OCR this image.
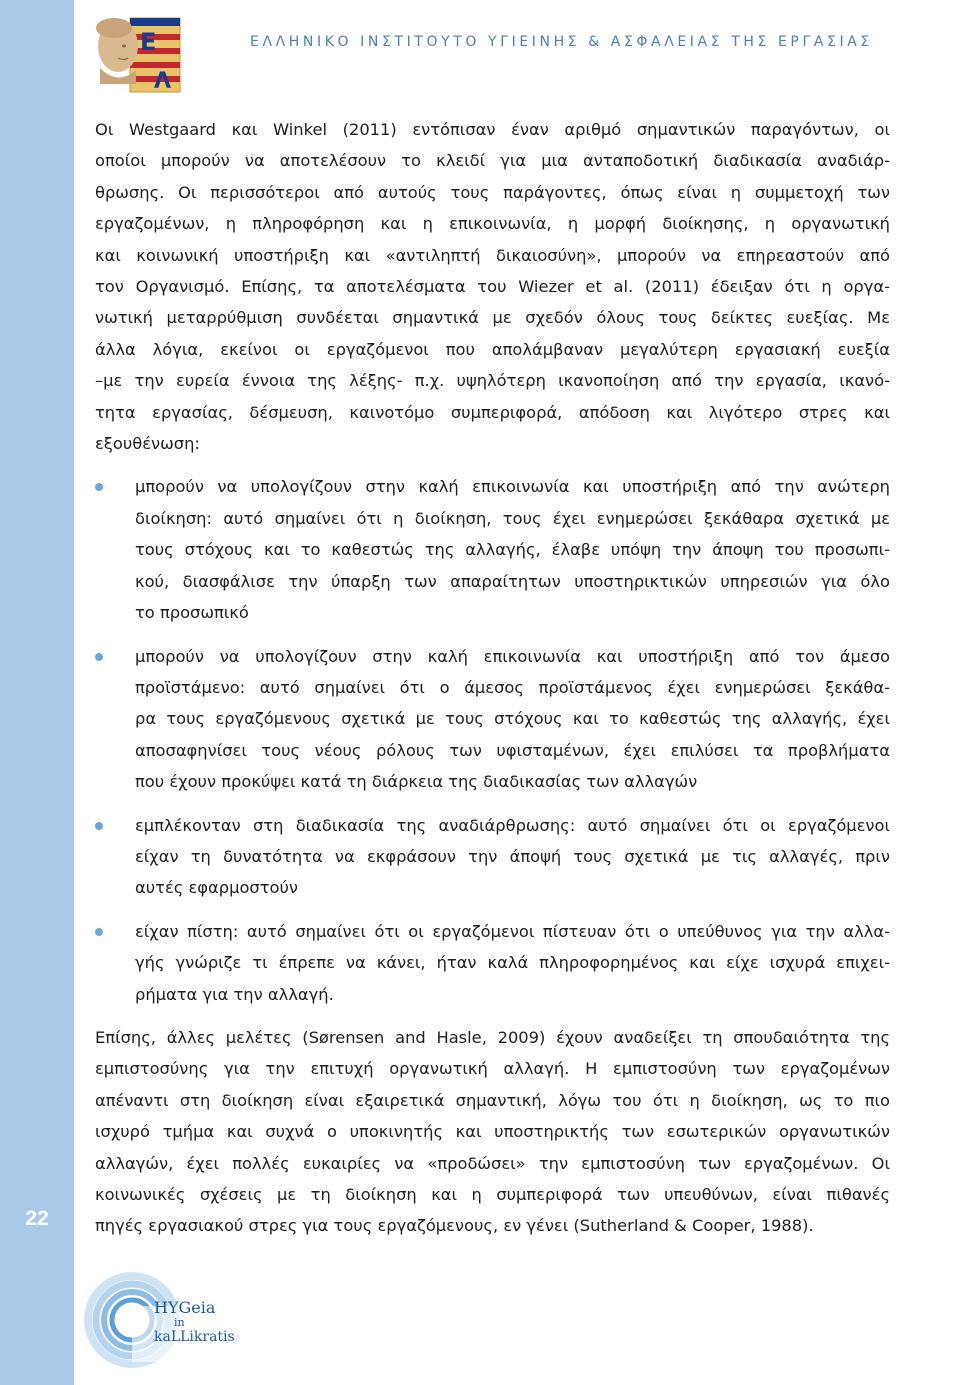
22
E
Λ
ΕΛΛΗΝΙΚΟ ΙΝΣΤΙΤΟΥΤΟ ΥΓΙΕΙΝΗΣ & ΑΣΦΑΛΕΙΑΣ ΤΗΣ ΕΡΓΑΣΙΑΣ

Οι Westgaard και Winkel (2011) εντόπισαν έναν αριθμό σημαντικών παραγόντων, οι
οποίοι μπορούν να αποτελέσουν το κλειδί για μια ανταποδοτική διαδικασία αναδιάρ-
θρωσης. Οι περισσότεροι από αυτούς τους παράγοντες, όπως είναι η συμμετοχή των
εργαζομένων, η πληροφόρηση και η επικοινωνία, η μορφή διοίκησης, η οργανωτική
και κοινωνική υποστήριξη και «αντιληπτή δικαιοσύνη», μπορούν να επηρεαστούν από
τον Οργανισμό. Επίσης, τα αποτελέσματα του Wiezer et al. (2011) έδειξαν ότι η οργα-
νωτική μεταρρύθμιση συνδέεται σημαντικά με σχεδόν όλους τους δείκτες ευεξίας. Με
άλλα λόγια, εκείνοι οι εργαζόμενοι που απολάμβαναν μεγαλύτερη εργασιακή ευεξία
–με την ευρεία έννοια της λέξης- π.χ. υψηλότερη ικανοποίηση από την εργασία, ικανό-
τητα εργασίας, δέσμευση, καινοτόμο συμπεριφορά, απόδοση και λιγότερο στρες και
εξουθένωση:

μπορούν να υπολογίζουν στην καλή επικοινωνία και υποστήριξη από την ανώτερη
διοίκηση: αυτό σημαίνει ότι η διοίκηση, τους έχει ενημερώσει ξεκάθαρα σχετικά με
τους στόχους και το καθεστώς της αλλαγής, έλαβε υπόψη την άποψη του προσωπι-
κού, διασφάλισε την ύπαρξη των απαραίτητων υποστηρικτικών υπηρεσιών για όλο
το προσωπικό
μπορούν να υπολογίζουν στην καλή επικοινωνία και υποστήριξη από τον άμεσο
προϊστάμενο: αυτό σημαίνει ότι ο άμεσος προϊστάμενος έχει ενημερώσει ξεκάθα-
ρα τους εργαζόμενους σχετικά με τους στόχους και το καθεστώς της αλλαγής, έχει
αποσαφηνίσει τους νέους ρόλους των υφισταμένων, έχει επιλύσει τα προβλήματα
που έχουν προκύψει κατά τη διάρκεια της διαδικασίας των αλλαγών
εμπλέκονταν στη διαδικασία της αναδιάρθρωσης: αυτό σημαίνει ότι οι εργαζόμενοι
είχαν τη δυνατότητα να εκφράσουν την άποψή τους σχετικά με τις αλλαγές, πριν
αυτές εφαρμοστούν
είχαν πίστη: αυτό σημαίνει ότι οι εργαζόμενοι πίστευαν ότι ο υπεύθυνος για την αλλα-
γής γνώριζε τι έπρεπε να κάνει, ήταν καλά πληροφορημένος και είχε ισχυρά επιχει-
ρήματα για την αλλαγή.

Επίσης, άλλες μελέτες (Sørensen and Hasle, 2009) έχουν αναδείξει τη σπουδαιότητα της
εμπιστοσύνης για την επιτυχή οργανωτική αλλαγή. Η εμπιστοσύνη των εργαζομένων
απέναντι στη διοίκηση είναι εξαιρετικά σημαντική, λόγω του ότι η διοίκηση, ως το πιο
ισχυρό τμήμα και συχνά ο υποκινητής και υποστηρικτής των εσωτερικών οργανωτικών
αλλαγών, έχει πολλές ευκαιρίες να «προδώσει» την εμπιστοσύνη των εργαζομένων. Οι
κοινωνικές σχέσεις με τη διοίκηση και η συμπεριφορά των υπευθύνων, είναι πιθανές
πηγές εργασιακού στρες για τους εργαζόμενους, εν γένει (Sutherland & Cooper, 1988).

HYGeia
in
kaLLikratis
